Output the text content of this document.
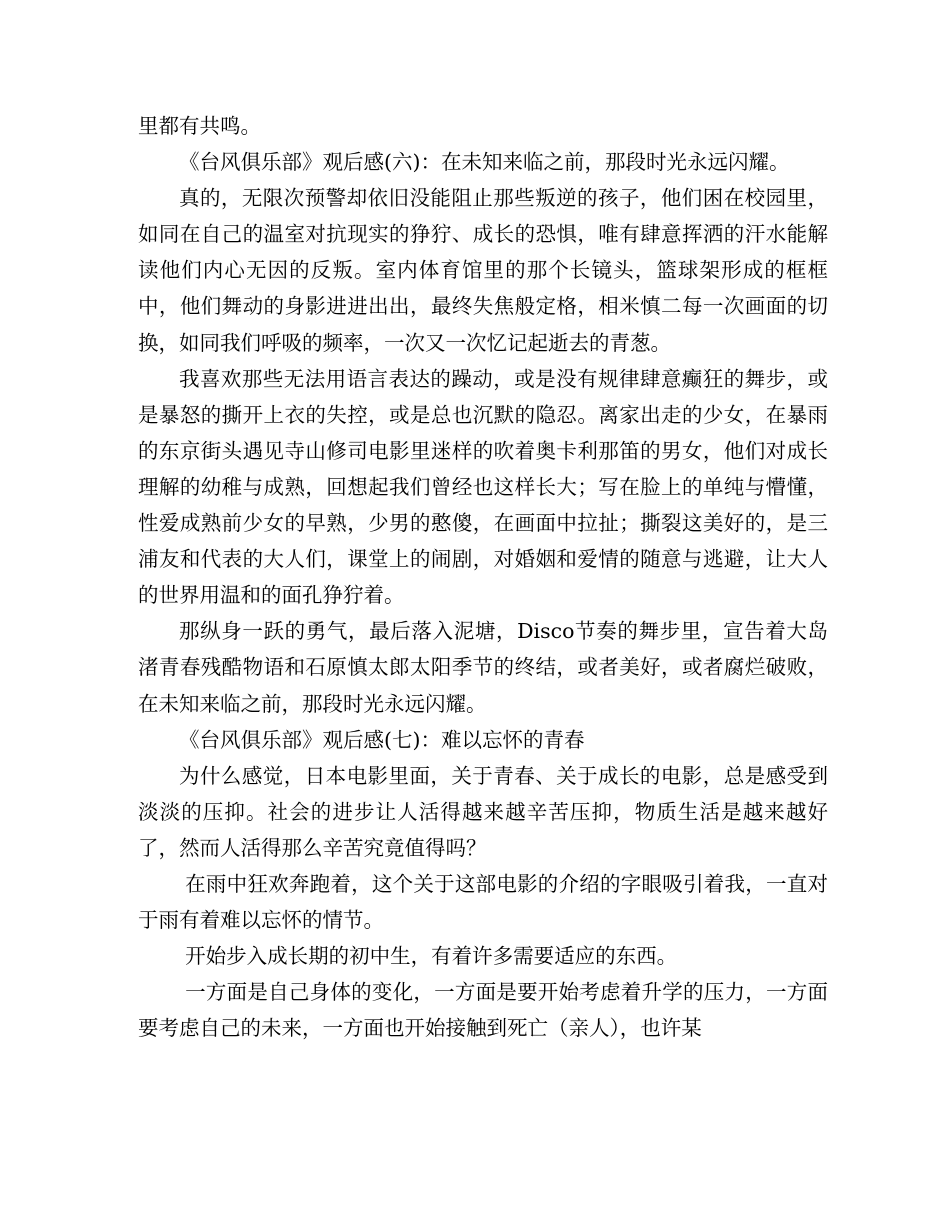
里都有共鸣。

《台风俱乐部》观后感(六)：在未知来临之前，那段时光永远闪耀。

真的，无限次预警却依旧没能阻止那些叛逆的孩子，他们困在校园里，如同在自己的温室对抗现实的狰狞、成长的恐惧，唯有肆意挥洒的汗水能解读他们内心无因的反叛。室内体育馆里的那个长镜头，篮球架形成的框框中，他们舞动的身影进进出出，最终失焦般定格，相米慎二每一次画面的切换，如同我们呼吸的频率，一次又一次忆记起逝去的青葱。

我喜欢那些无法用语言表达的躁动，或是没有规律肆意癫狂的舞步，或是暴怒的撕开上衣的失控，或是总也沉默的隐忍。离家出走的少女，在暴雨的东京街头遇见寺山修司电影里迷样的吹着奥卡利那笛的男女，他们对成长理解的幼稚与成熟，回想起我们曾经也这样长大；写在脸上的单纯与懵懂，性爱成熟前少女的早熟，少男的憨傻，在画面中拉扯；撕裂这美好的，是三浦友和代表的大人们，课堂上的闹剧，对婚姻和爱情的随意与逃避，让大人的世界用温和的面孔狰狞着。

那纵身一跃的勇气，最后落入泥塘，Disco节奏的舞步里，宣告着大岛渚青春残酷物语和石原慎太郎太阳季节的终结，或者美好，或者腐烂破败，在未知来临之前，那段时光永远闪耀。

《台风俱乐部》观后感(七)：难以忘怀的青春

为什么感觉，日本电影里面，关于青春、关于成长的电影，总是感受到淡淡的压抑。社会的进步让人活得越来越辛苦压抑，物质生活是越来越好了，然而人活得那么辛苦究竟值得吗？

在雨中狂欢奔跑着，这个关于这部电影的介绍的字眼吸引着我，一直对于雨有着难以忘怀的情节。

开始步入成长期的初中生，有着许多需要适应的东西。

一方面是自己身体的变化，一方面是要开始考虑着升学的压力，一方面要考虑自己的未来，一方面也开始接触到死亡（亲人），也许某
